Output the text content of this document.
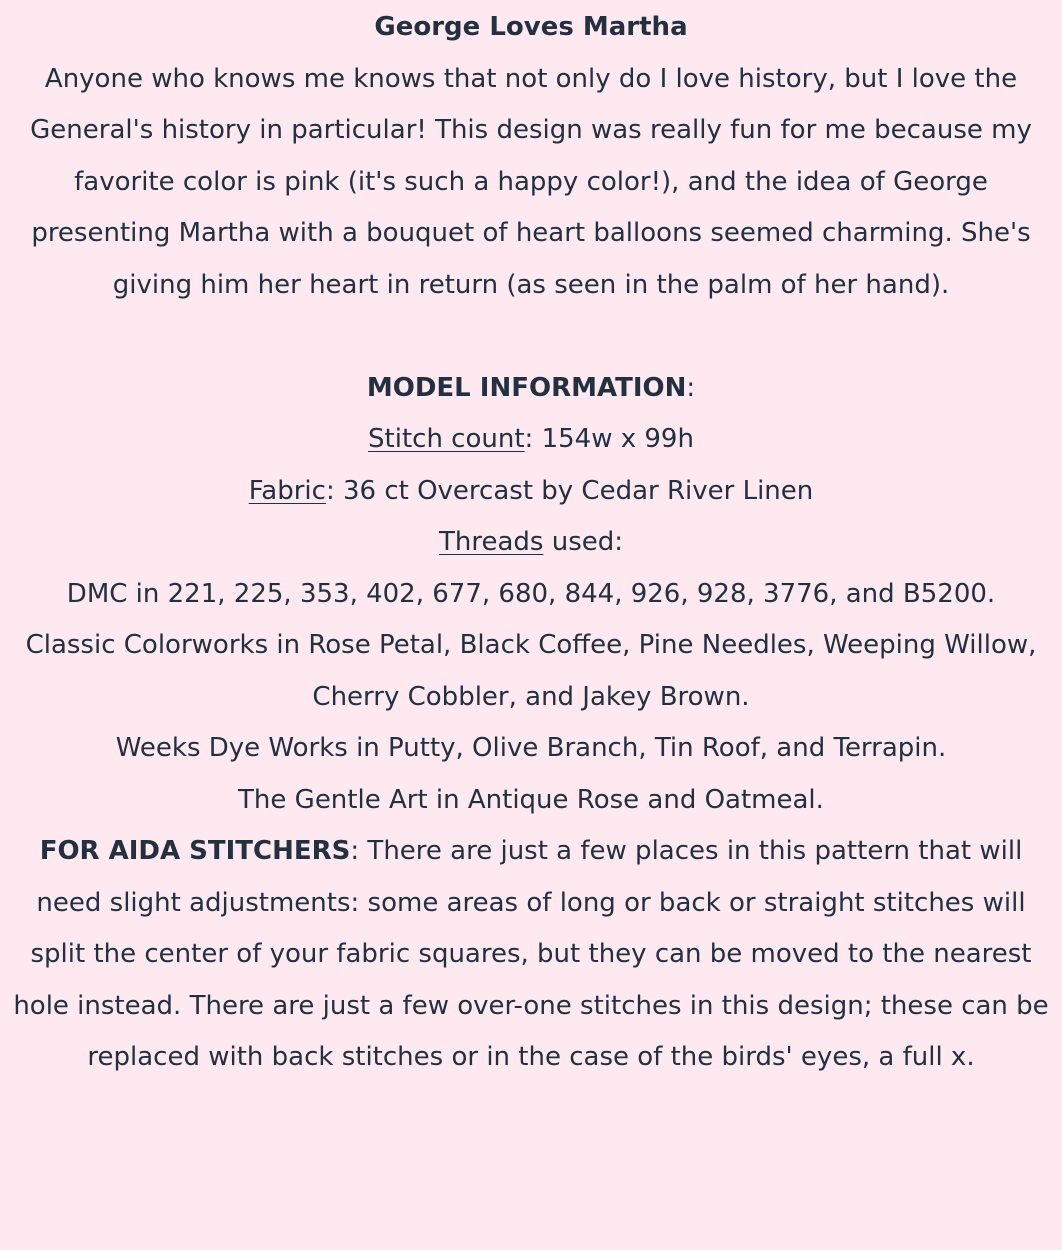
George Loves Martha

Anyone who knows me knows that not only do I love history, but I love the General's history in particular! This design was really fun for me because my favorite color is pink (it's such a happy color!), and the idea of George presenting Martha with a bouquet of heart balloons seemed charming. She's giving him her heart in return (as seen in the palm of her hand).

MODEL INFORMATION:

Stitch count: 154w x 99h

Fabric: 36 ct Overcast by Cedar River Linen

Threads used:

DMC in 221, 225, 353, 402, 677, 680, 844, 926, 928, 3776, and B5200.

Classic Colorworks in Rose Petal, Black Coffee, Pine Needles, Weeping Willow, Cherry Cobbler, and Jakey Brown.

Weeks Dye Works in Putty, Olive Branch, Tin Roof, and Terrapin.

The Gentle Art in Antique Rose and Oatmeal.

FOR AIDA STITCHERS: There are just a few places in this pattern that will need slight adjustments: some areas of long or back or straight stitches will split the center of your fabric squares, but they can be moved to the nearest hole instead. There are just a few over-one stitches in this design; these can be replaced with back stitches or in the case of the birds' eyes, a full x.
